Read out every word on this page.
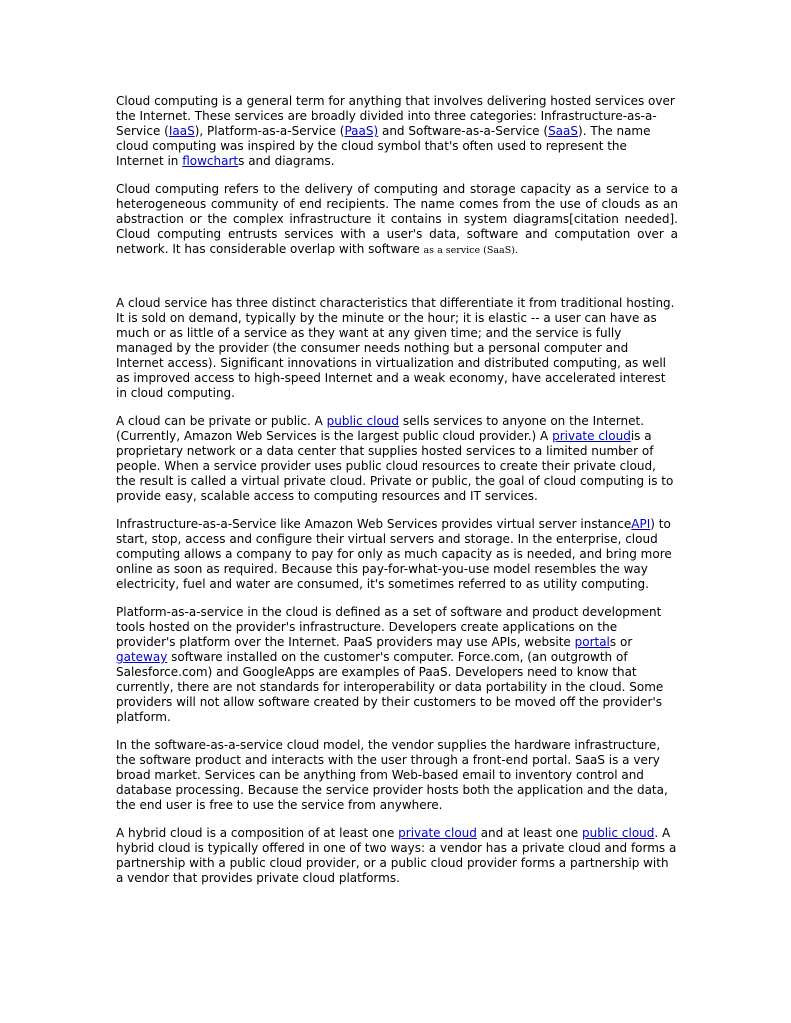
Cloud computing is a general term for anything that involves delivering hosted services over the Internet. These services are broadly divided into three categories: Infrastructure-as-a-Service (IaaS), Platform-as-a-Service (PaaS) and Software-as-a-Service (SaaS). The name cloud computing was inspired by the cloud symbol that's often used to represent the Internet in flowcharts and diagrams.

Cloud computing refers to the delivery of computing and storage capacity as a service to a heterogeneous community of end recipients. The name comes from the use of clouds as an abstraction or the complex infrastructure it contains in system diagrams[citation needed]. Cloud computing entrusts services with a user's data, software and computation over a network. It has considerable overlap with software as a service (SaaS).

A cloud service has three distinct characteristics that differentiate it from traditional hosting. It is sold on demand, typically by the minute or the hour; it is elastic -- a user can have as much or as little of a service as they want at any given time; and the service is fully managed by the provider (the consumer needs nothing but a personal computer and Internet access). Significant innovations in virtualization and distributed computing, as well as improved access to high-speed Internet and a weak economy, have accelerated interest in cloud computing.

A cloud can be private or public. A public cloud sells services to anyone on the Internet. (Currently, Amazon Web Services is the largest public cloud provider.) A private cloudis a proprietary network or a data center that supplies hosted services to a limited number of people. When a service provider uses public cloud resources to create their private cloud, the result is called a virtual private cloud. Private or public, the goal of cloud computing is to provide easy, scalable access to computing resources and IT services.

Infrastructure-as-a-Service like Amazon Web Services provides virtual server instanceAPI) to start, stop, access and configure their virtual servers and storage. In the enterprise, cloud computing allows a company to pay for only as much capacity as is needed, and bring more online as soon as required. Because this pay-for-what-you-use model resembles the way electricity, fuel and water are consumed, it's sometimes referred to as utility computing.

Platform-as-a-service in the cloud is defined as a set of software and product development tools hosted on the provider's infrastructure. Developers create applications on the provider's platform over the Internet. PaaS providers may use APIs, website portals or gateway software installed on the customer's computer. Force.com, (an outgrowth of Salesforce.com) and GoogleApps are examples of PaaS. Developers need to know that currently, there are not standards for interoperability or data portability in the cloud. Some providers will not allow software created by their customers to be moved off the provider's platform.

In the software-as-a-service cloud model, the vendor supplies the hardware infrastructure, the software product and interacts with the user through a front-end portal. SaaS is a very broad market. Services can be anything from Web-based email to inventory control and database processing. Because the service provider hosts both the application and the data, the end user is free to use the service from anywhere.

A hybrid cloud is a composition of at least one private cloud and at least one public cloud. A hybrid cloud is typically offered in one of two ways: a vendor has a private cloud and forms a partnership with a public cloud provider, or a public cloud provider forms a partnership with a vendor that provides private cloud platforms.
